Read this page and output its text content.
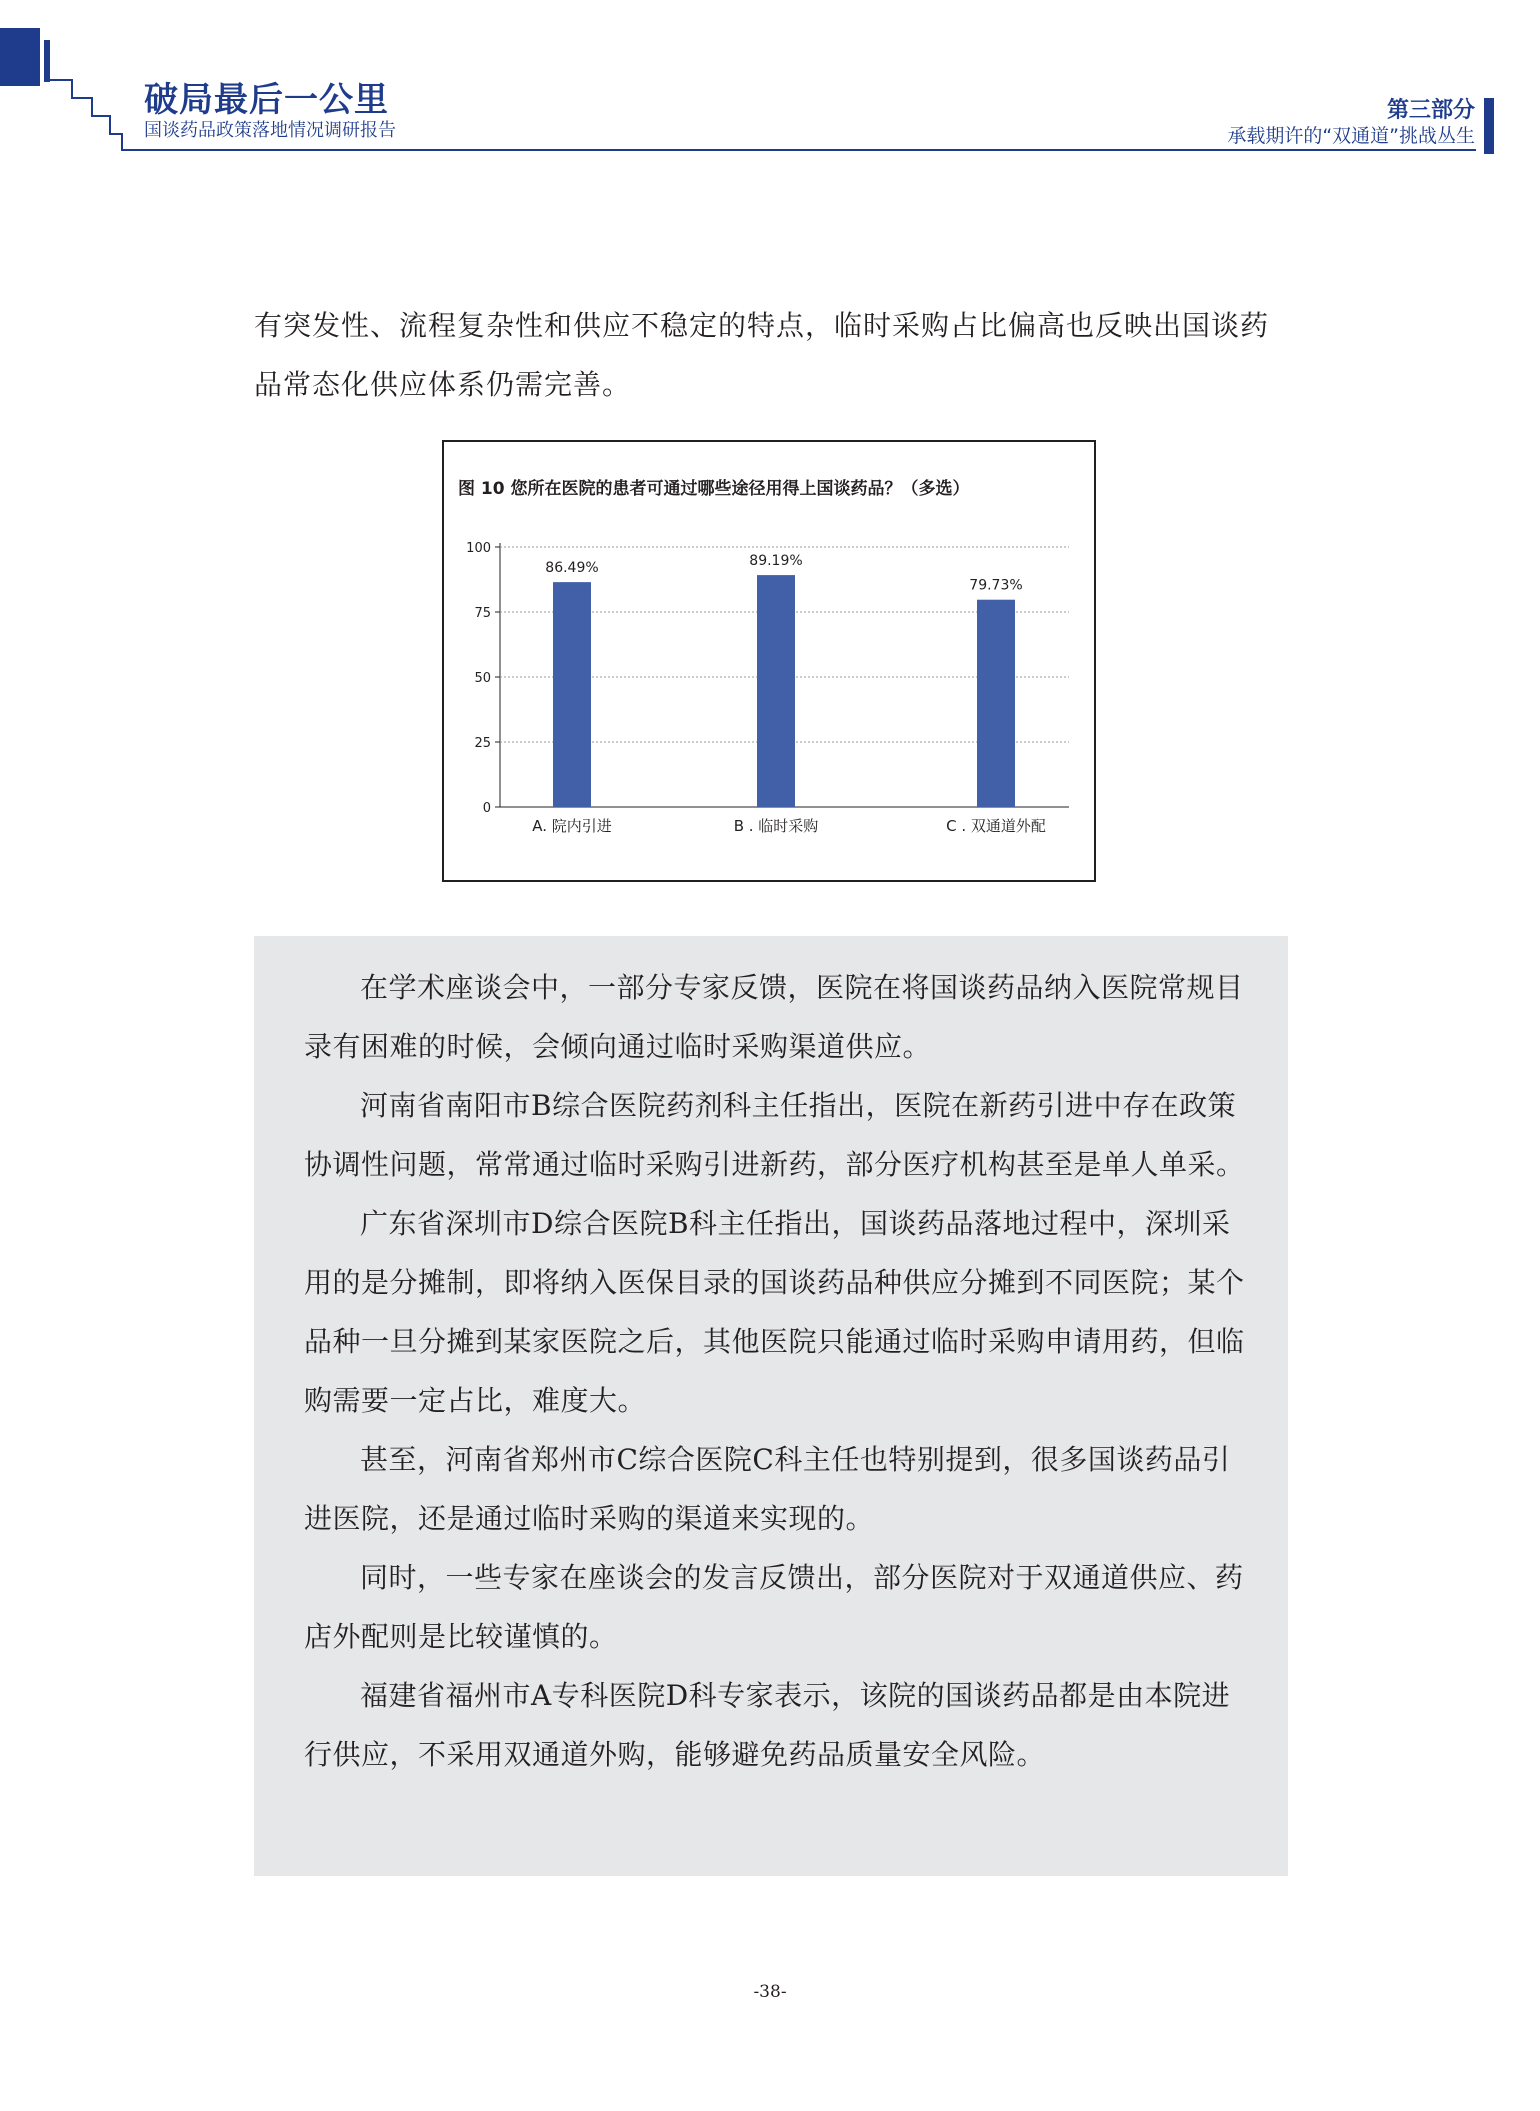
破局最后一公里
国谈药品政策落地情况调研报告
第三部分
承载期许的“双通道”挑战丛生

有突发性、流程复杂性和供应不稳定的特点，临时采购占比偏高也反映出国谈药品常态化供应体系仍需完善。

图 10 您所在医院的患者可通过哪些途径用得上国谈药品？（多选）
0
25
50
75
100
86.49%
A. 院内引进
89.19%
B . 临时采购
79.73%
C . 双通道外配

在学术座谈会中，一部分专家反馈，医院在将国谈药品纳入医院常规目录有困难的时候，会倾向通过临时采购渠道供应。

河南省南阳市B综合医院药剂科主任指出，医院在新药引进中存在政策协调性问题，常常通过临时采购引进新药，部分医疗机构甚至是单人单采。

广东省深圳市D综合医院B科主任指出，国谈药品落地过程中，深圳采用的是分摊制，即将纳入医保目录的国谈药品种供应分摊到不同医院；某个品种一旦分摊到某家医院之后，其他医院只能通过临时采购申请用药，但临购需要一定占比，难度大。

甚至，河南省郑州市C综合医院C科主任也特别提到，很多国谈药品引进医院，还是通过临时采购的渠道来实现的。

同时，一些专家在座谈会的发言反馈出，部分医院对于双通道供应、药店外配则是比较谨慎的。

福建省福州市A专科医院D科专家表示，该院的国谈药品都是由本院进行供应，不采用双通道外购，能够避免药品质量安全风险。

-38-
